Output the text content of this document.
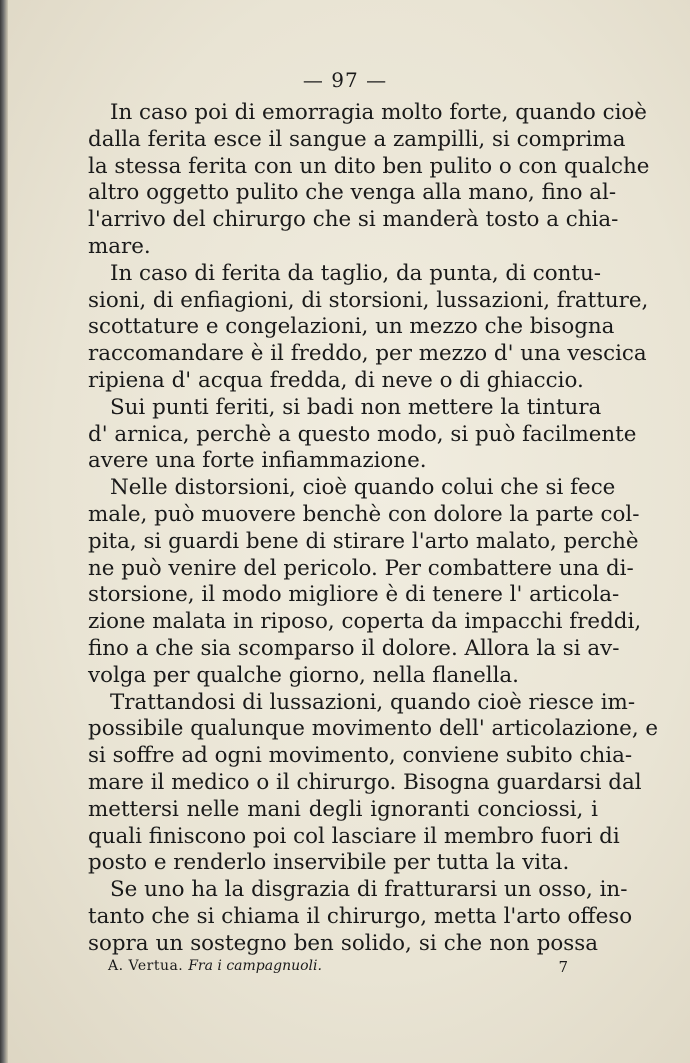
— 97 —
In caso poi di emorragia molto forte, quando cioè
dalla ferita esce il sangue a zampilli, si comprima
la stessa ferita con un dito ben pulito o con qualche
altro oggetto pulito che venga alla mano, fino al-
l'arrivo del chirurgo che si manderà tosto a chia-
mare.
In caso di ferita da taglio, da punta, di contu-
sioni, di enfiagioni, di storsioni, lussazioni, fratture,
scottature e congelazioni, un mezzo che bisogna
raccomandare è il freddo, per mezzo d' una vescica
ripiena d' acqua fredda, di neve o di ghiaccio.
Sui punti feriti, si badi non mettere la tintura
d' arnica, perchè a questo modo, si può facilmente
avere una forte infiammazione.
Nelle distorsioni, cioè quando colui che si fece
male, può muovere benchè con dolore la parte col-
pita, si guardi bene di stirare l'arto malato, perchè
ne può venire del pericolo. Per combattere una di-
storsione, il modo migliore è di tenere l' articola-
zione malata in riposo, coperta da impacchi freddi,
fino a che sia scomparso il dolore. Allora la si av-
volga per qualche giorno, nella flanella.
Trattandosi di lussazioni, quando cioè riesce im-
possibile qualunque movimento dell' articolazione, e
si soffre ad ogni movimento, conviene subito chia-
mare il medico o il chirurgo. Bisogna guardarsi dal
mettersi nelle mani degli ignoranti conciossi, i
quali finiscono poi col lasciare il membro fuori di
posto e renderlo inservibile per tutta la vita.
Se uno ha la disgrazia di fratturarsi un osso, in-
tanto che si chiama il chirurgo, metta l'arto offeso
sopra un sostegno ben solido, si che non possa
A. Vertua. Fra i campagnuoli.	7
